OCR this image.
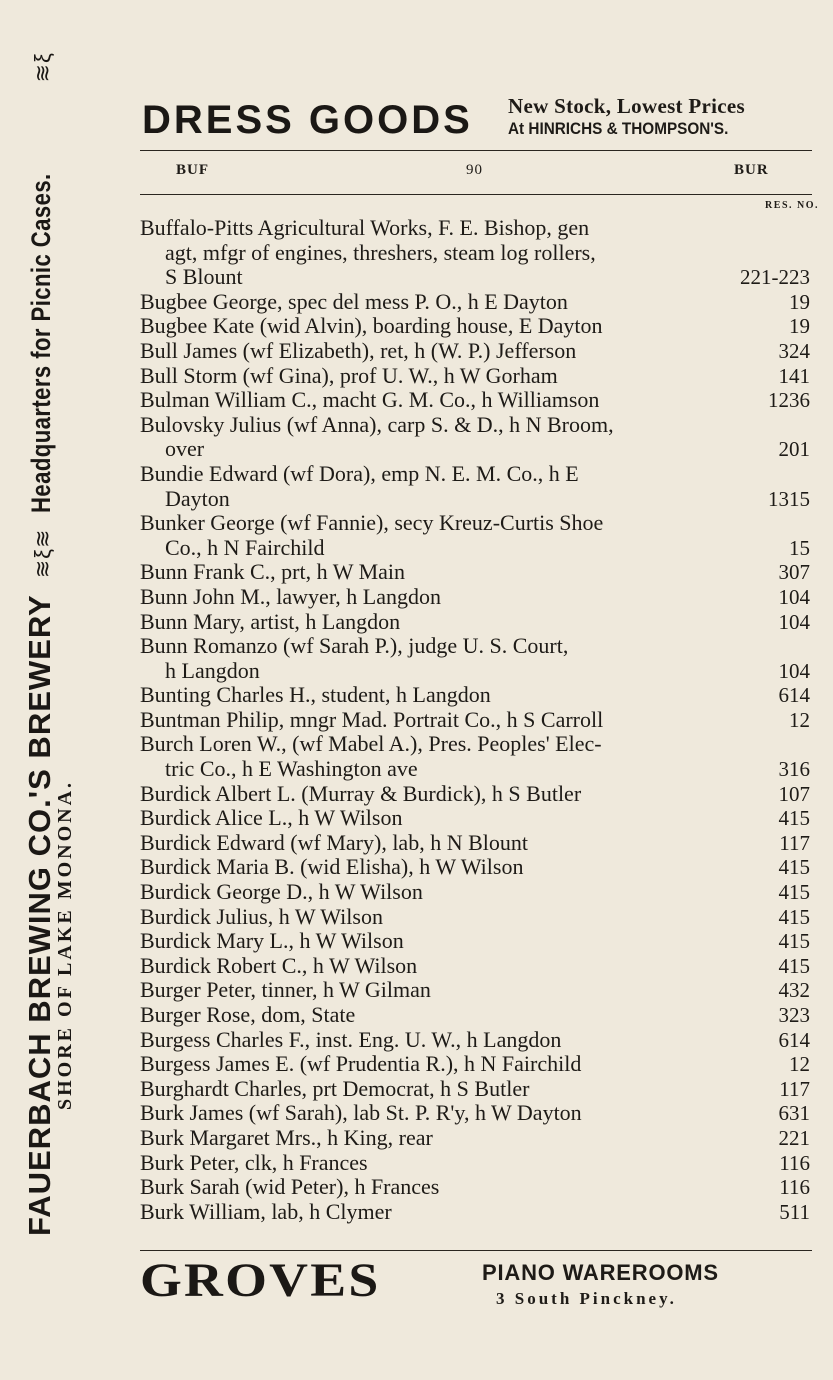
FAUERBACH BREWING CO.'S BREWERY  ≋ξ≋  Headquarters for Picnic Cases.  ≋ξ
SHORE OF LAKE MONONA.
DRESS GOODS New Stock, Lowest Prices
At HINRICHS & THOMPSON'S.
BUF	90	BUR
RES. NO.
Buffalo-Pitts Agricultural Works, F. E. Bishop, gen
agt, mfgr of engines, threshers, steam log rollers,
S Blount	221-223
Bugbee George, spec del mess P. O., h E Dayton	19
Bugbee Kate (wid Alvin), boarding house, E Dayton	19
Bull James (wf Elizabeth), ret, h (W. P.) Jefferson	324
Bull Storm (wf Gina), prof U. W., h W Gorham	141
Bulman William C., macht G. M. Co., h Williamson	1236
Bulovsky Julius (wf Anna), carp S. & D., h N Broom,
over	201
Bundie Edward (wf Dora), emp N. E. M. Co., h E
Dayton	1315
Bunker George (wf Fannie), secy Kreuz-Curtis Shoe
Co., h N Fairchild	15
Bunn Frank C., prt, h W Main	307
Bunn John M., lawyer, h Langdon	104
Bunn Mary, artist, h Langdon	104
Bunn Romanzo (wf Sarah P.), judge U. S. Court,
h Langdon	104
Bunting Charles H., student, h Langdon	614
Buntman Philip, mngr Mad. Portrait Co., h S Carroll	12
Burch Loren W., (wf Mabel A.), Pres. Peoples' Elec-
tric Co., h E Washington ave	316
Burdick Albert L. (Murray & Burdick), h S Butler	107
Burdick Alice L., h W Wilson	415
Burdick Edward (wf Mary), lab, h N Blount	117
Burdick Maria B. (wid Elisha), h W Wilson	415
Burdick George D., h W Wilson	415
Burdick Julius, h W Wilson	415
Burdick Mary L., h W Wilson	415
Burdick Robert C., h W Wilson	415
Burger Peter, tinner, h W Gilman	432
Burger Rose, dom, State	323
Burgess Charles F., inst. Eng. U. W., h Langdon	614
Burgess James E. (wf Prudentia R.), h N Fairchild	12
Burghardt Charles, prt Democrat, h S Butler	117
Burk James (wf Sarah), lab St. P. R'y, h W Dayton	631
Burk Margaret Mrs., h King, rear	221
Burk Peter, clk, h Frances	116
Burk Sarah (wid Peter), h Frances	116
Burk William, lab, h Clymer	511
GROVES	PIANO WAREROOMS
3 South Pinckney.
